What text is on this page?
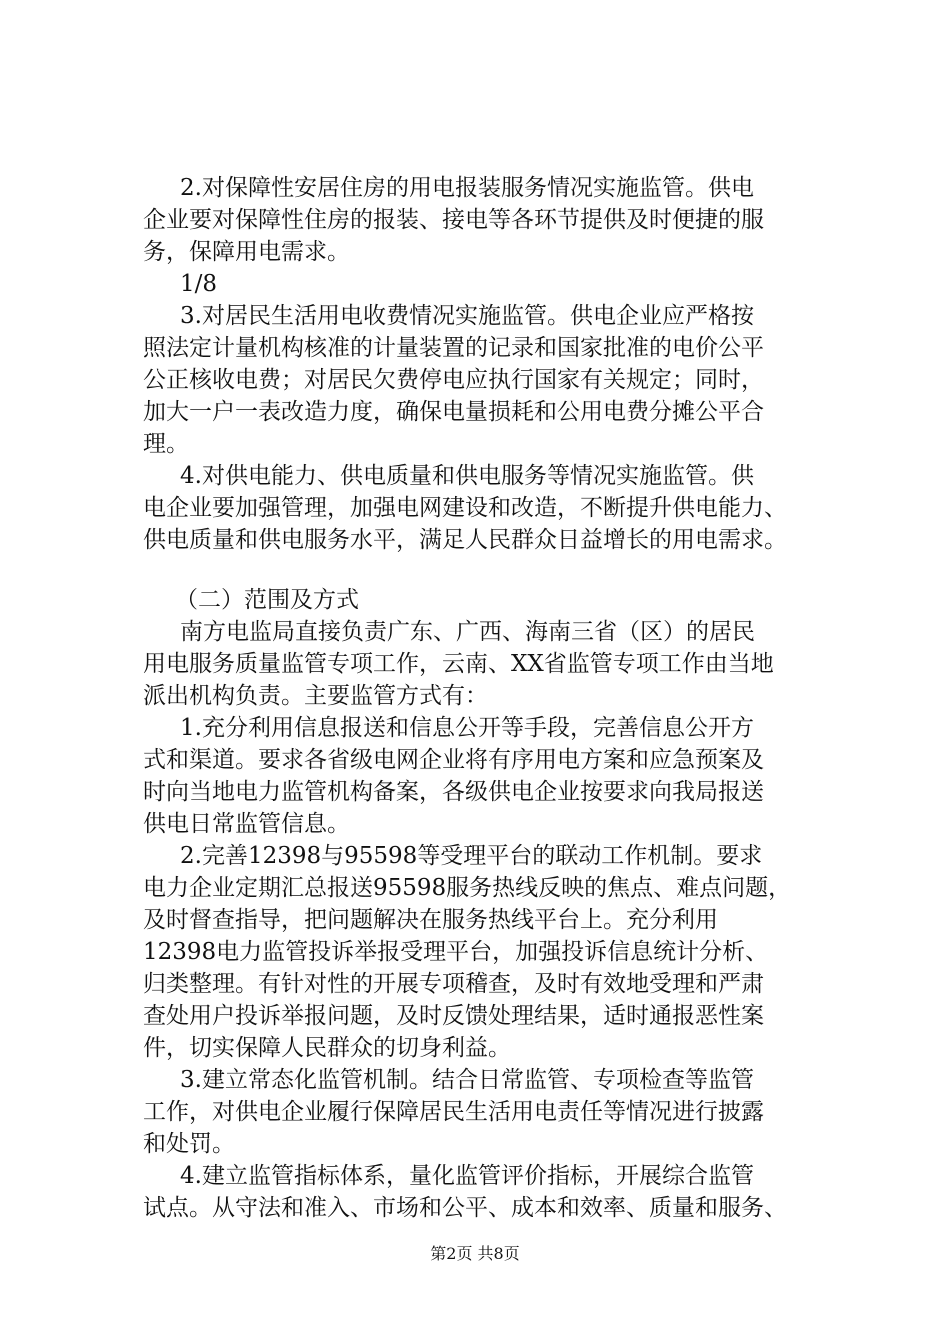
2.对保障性安居住房的用电报装服务情况实施监管。供电
企业要对保障性住房的报装、接电等各环节提供及时便捷的服
务，保障用电需求。
1/8
3.对居民生活用电收费情况实施监管。供电企业应严格按
照法定计量机构核准的计量装置的记录和国家批准的电价公平
公正核收电费；对居民欠费停电应执行国家有关规定；同时，
加大一户一表改造力度，确保电量损耗和公用电费分摊公平合
理。
4.对供电能力、供电质量和供电服务等情况实施监管。供
电企业要加强管理，加强电网建设和改造，不断提升供电能力、
供电质量和供电服务水平，满足人民群众日益增长的用电需求。
（二）范围及方式
南方电监局直接负责广东、广西、海南三省（区）的居民
用电服务质量监管专项工作，云南、XX省监管专项工作由当地
派出机构负责。主要监管方式有：
1.充分利用信息报送和信息公开等手段，完善信息公开方
式和渠道。要求各省级电网企业将有序用电方案和应急预案及
时向当地电力监管机构备案，各级供电企业按要求向我局报送
供电日常监管信息。
2.完善12398与95598等受理平台的联动工作机制。要求
电力企业定期汇总报送95598服务热线反映的焦点、难点问题，
及时督查指导，把问题解决在服务热线平台上。充分利用
12398电力监管投诉举报受理平台，加强投诉信息统计分析、
归类整理。有针对性的开展专项稽查，及时有效地受理和严肃
查处用户投诉举报问题，及时反馈处理结果，适时通报恶性案
件，切实保障人民群众的切身利益。
3.建立常态化监管机制。结合日常监管、专项检查等监管
工作，对供电企业履行保障居民生活用电责任等情况进行披露
和处罚。
4.建立监管指标体系，量化监管评价指标，开展综合监管
试点。从守法和准入、市场和公平、成本和效率、质量和服务、
第2页 共8页
